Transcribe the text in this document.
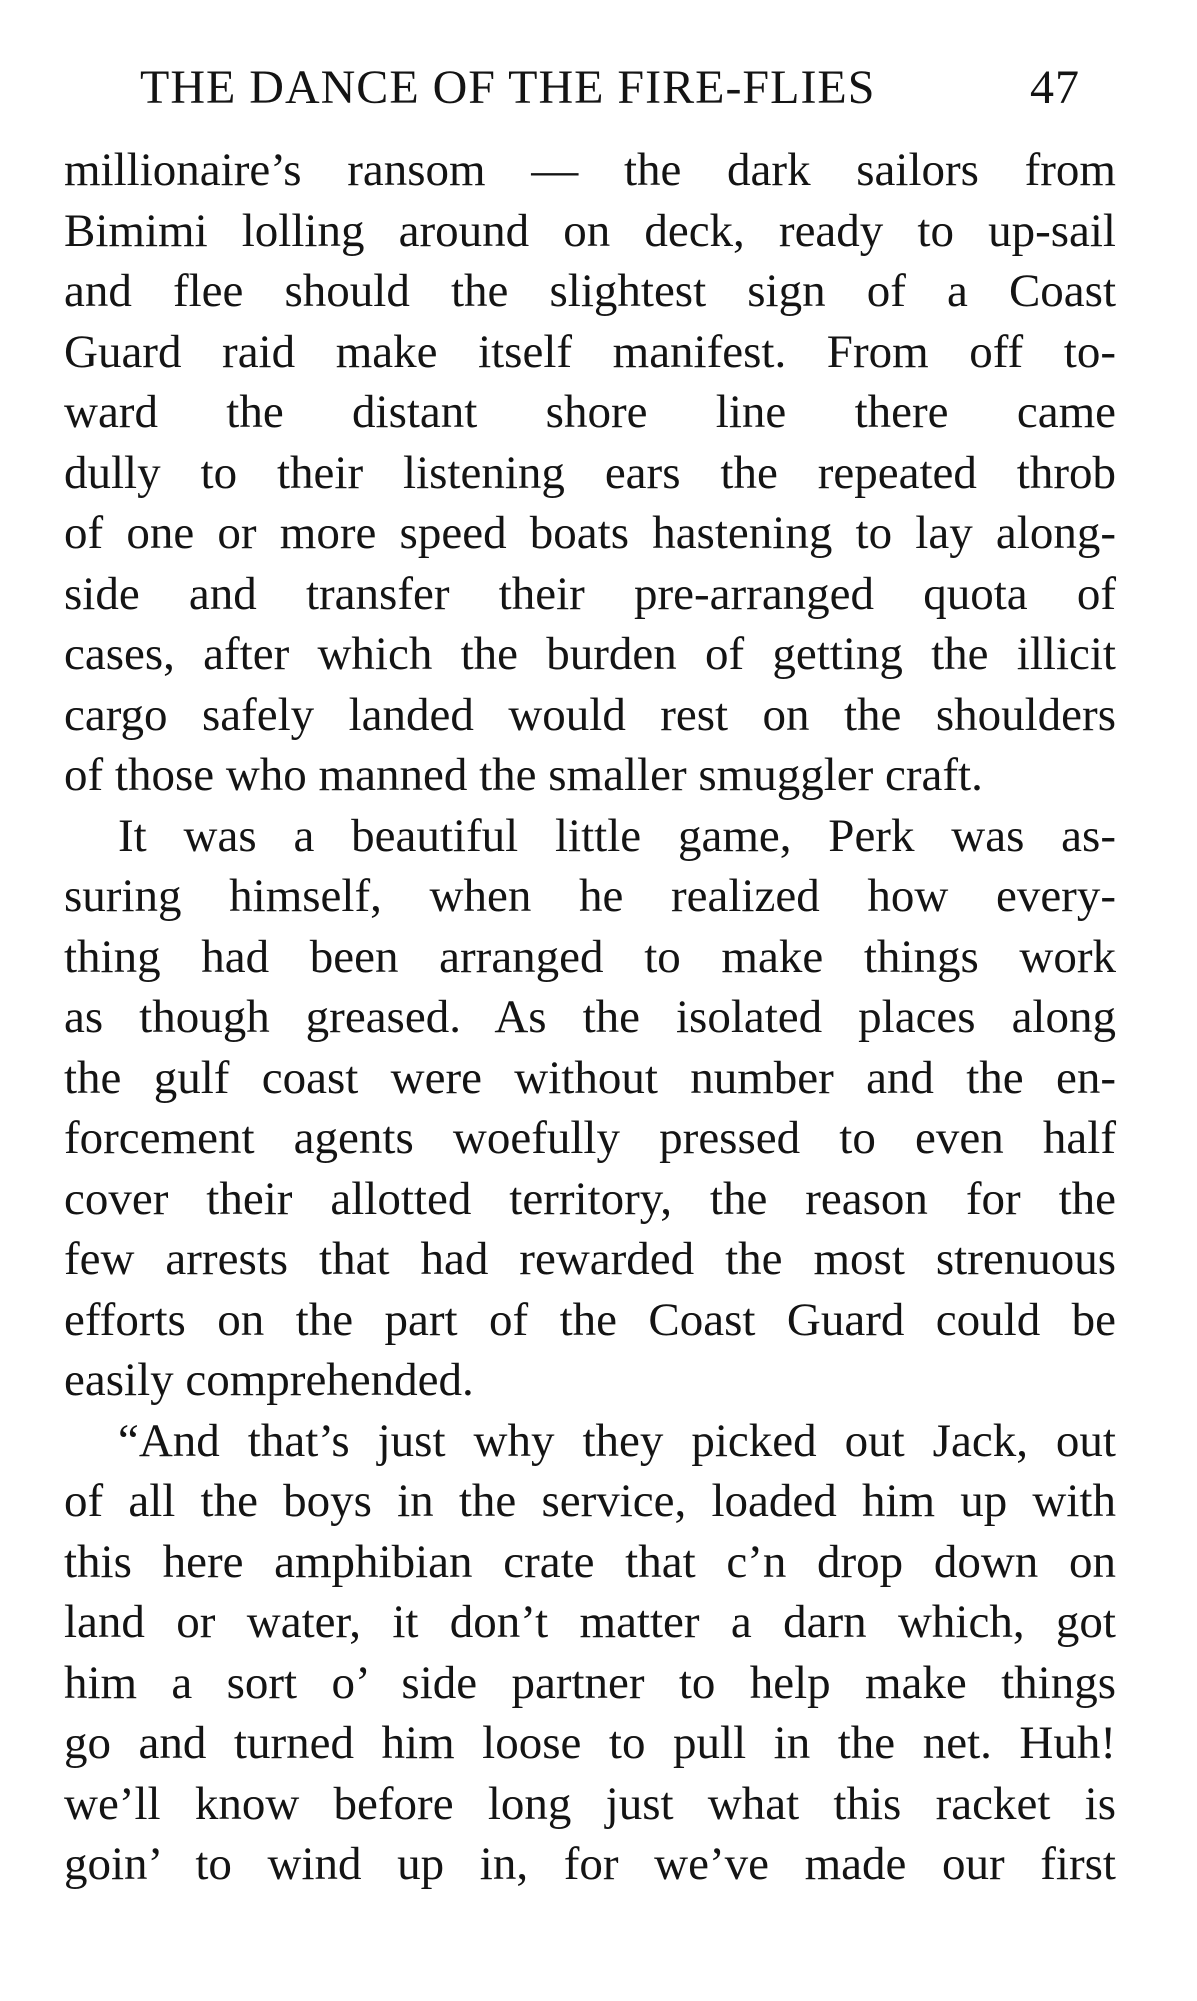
THE DANCE OF THE FIRE-FLIES	47
millionaire’s ransom — the dark sailors from
Bimimi lolling around on deck, ready to up-sail
and flee should the slightest sign of a Coast
Guard raid make itself manifest. From off to-
ward the distant shore line there came
dully to their listening ears the repeated throb
of one or more speed boats hastening to lay along-
side and transfer their pre-arranged quota of
cases, after which the burden of getting the illicit
cargo safely landed would rest on the shoulders
of those who manned the smaller smuggler craft.
It was a beautiful little game, Perk was as-
suring himself, when he realized how every-
thing had been arranged to make things work
as though greased. As the isolated places along
the gulf coast were without number and the en-
forcement agents woefully pressed to even half
cover their allotted territory, the reason for the
few arrests that had rewarded the most strenuous
efforts on the part of the Coast Guard could be
easily comprehended.
“And that’s just why they picked out Jack, out
of all the boys in the service, loaded him up with
this here amphibian crate that c’n drop down on
land or water, it don’t matter a darn which, got
him a sort o’ side partner to help make things
go and turned him loose to pull in the net. Huh!
we’ll know before long just what this racket is
goin’ to wind up in, for we’ve made our first
